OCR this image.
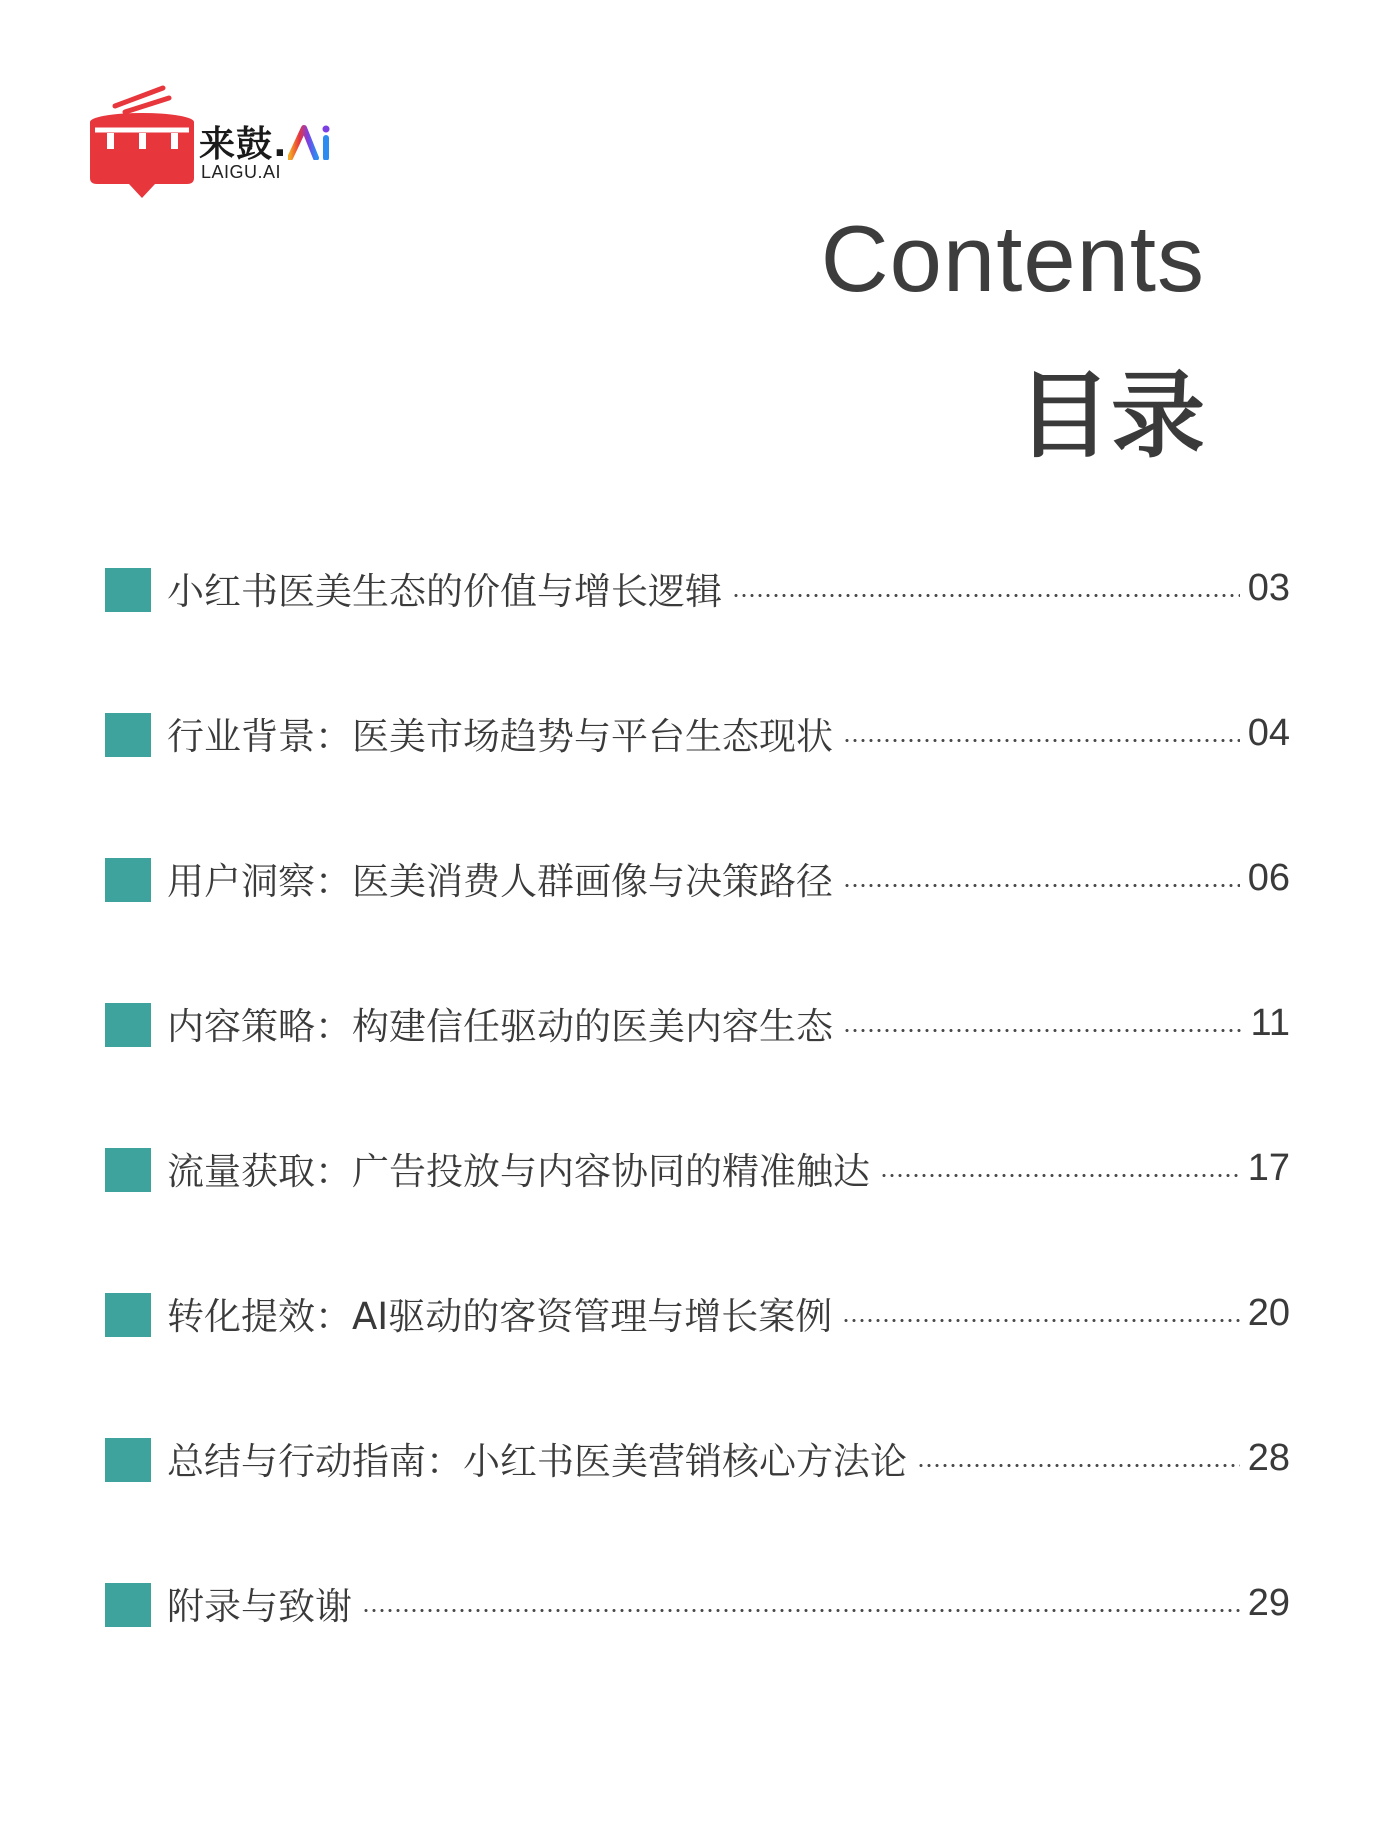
来鼓.
LAIGU.AI
Contents
目录
小红书医美生态的价值与增长逻辑	03
行业背景：医美市场趋势与平台生态现状	04
用户洞察：医美消费人群画像与决策路径	06
内容策略：构建信任驱动的医美内容生态	11
流量获取：广告投放与内容协同的精准触达	17
转化提效：AI驱动的客资管理与增长案例	20
总结与行动指南：小红书医美营销核心方法论	28
附录与致谢	29
